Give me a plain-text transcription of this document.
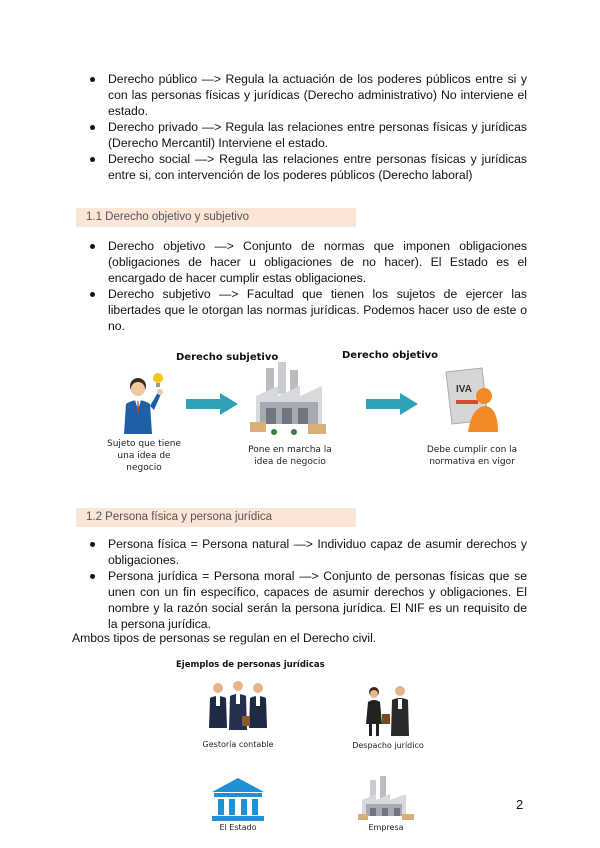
Derecho público —> Regula la actuación de los poderes públicos entre si y con las personas físicas y jurídicas (Derecho administrativo) No interviene el estado.
Derecho privado —> Regula las relaciones entre personas físicas y jurídicas (Derecho Mercantil) Interviene el estado.
Derecho social —> Regula las relaciones entre personas físicas y jurídicas entre si, con intervención de los poderes públicos (Derecho laboral)
1.1 Derecho objetivo y subjetivo
Derecho objetivo —> Conjunto de normas que imponen obligaciones (obligaciones de hacer u obligaciones de no hacer). El Estado es el encargado de hacer cumplir estas obligaciones.
Derecho subjetivo —> Facultad que tienen los sujetos de ejercer las libertades que le otorgan las normas jurídicas. Podemos hacer uso de este o no.
Derecho subjetivo	Derecho objetivo
Sujeto que tiene una idea de negocio
Pone en marcha la idea de negocio
IVA
Debe cumplir con la normativa en vigor
1.2 Persona física y persona jurídica
Persona física = Persona natural —> Individuo capaz de asumir derechos y obligaciones.
Persona jurídica = Persona moral —> Conjunto de personas físicas que se unen con un fin específico, capaces de asumir derechos y obligaciones. El nombre y la razón social serán la persona jurídica. El NIF es un requisito de la persona jurídica.
Ambos tipos de personas se regulan en el Derecho civil.
Ejemplos de personas jurídicas
Gestoría contable	Despacho jurídico
El Estado	Empresa
2
